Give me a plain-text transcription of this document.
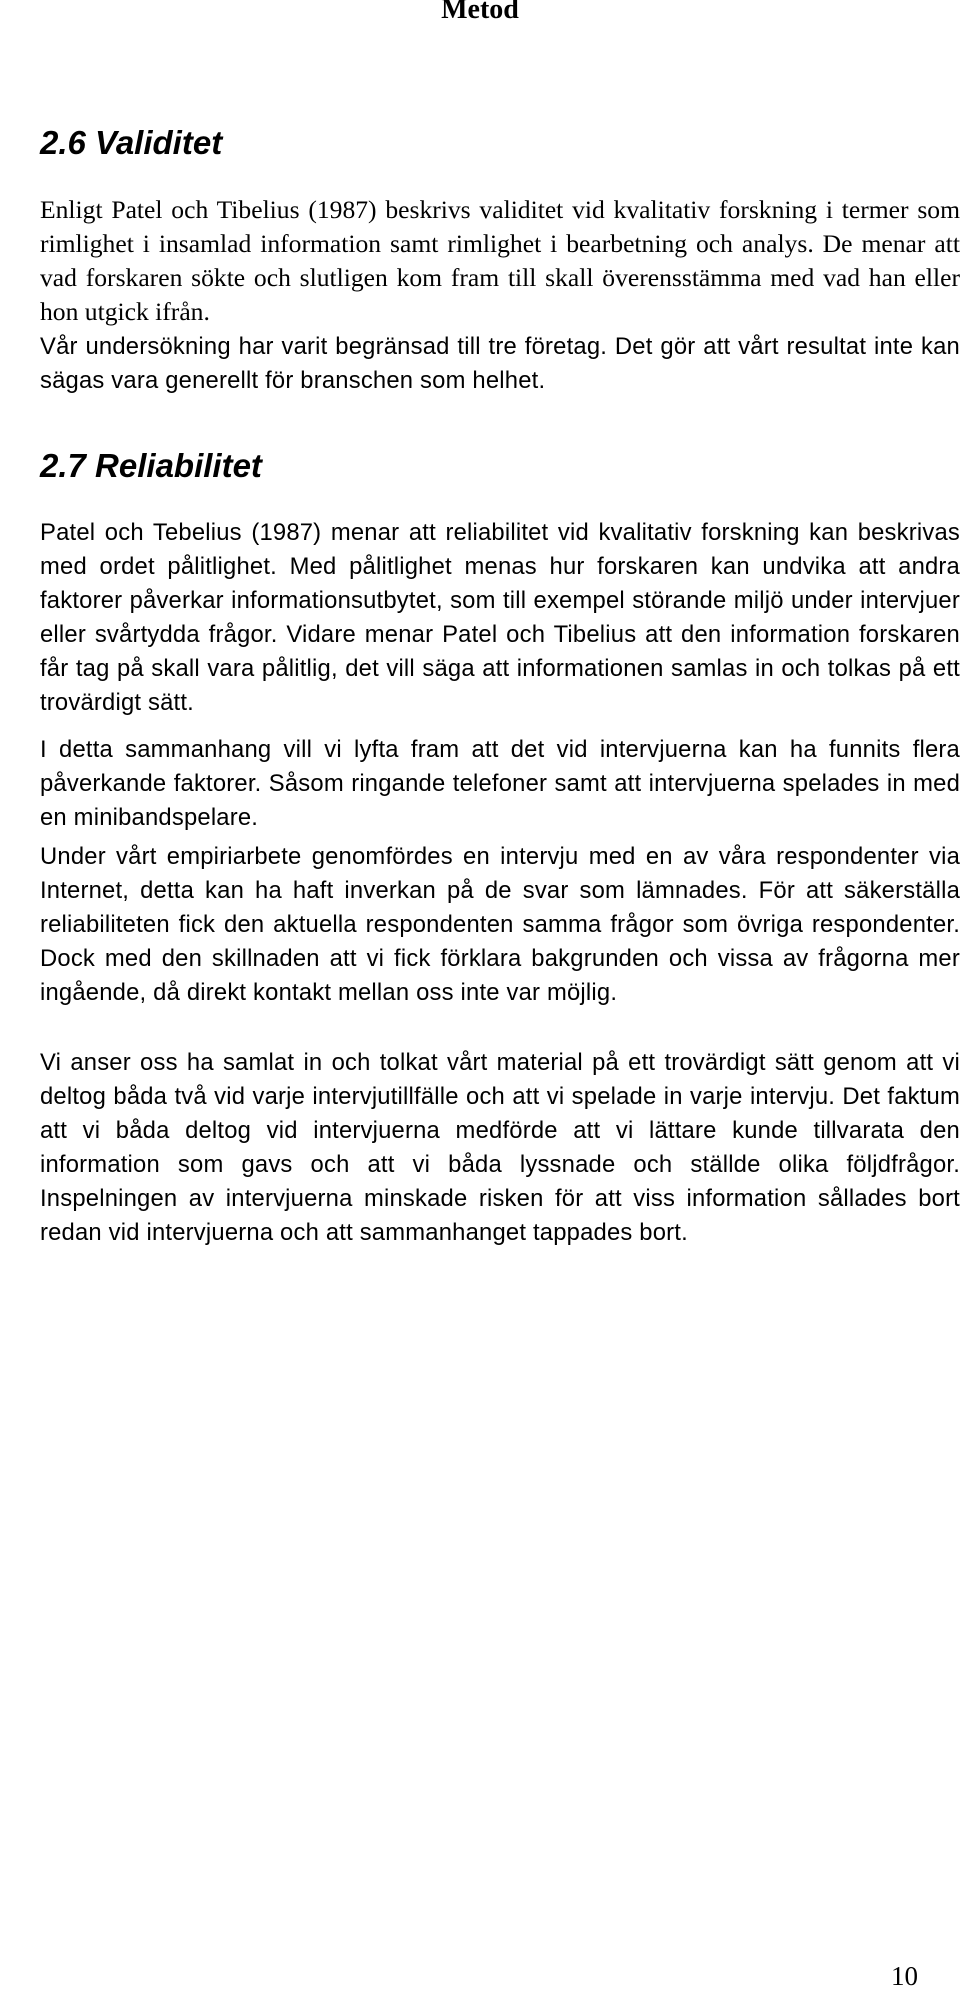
Metod
2.6 Validitet

Enligt Patel och Tibelius (1987) beskrivs validitet vid kvalitativ forskning i termer som rimlighet i insamlad information samt rimlighet i bearbetning och analys. De menar att vad forskaren sökte och slutligen kom fram till skall överensstämma med vad han eller hon utgick ifrån.

Vår undersökning har varit begränsad till tre företag. Det gör att vårt resultat inte kan sägas vara generellt för branschen som helhet.

2.7 Reliabilitet

Patel och Tebelius (1987) menar att reliabilitet vid kvalitativ forskning kan beskrivas med ordet pålitlighet. Med pålitlighet menas hur forskaren kan undvika att andra faktorer påverkar informationsutbytet, som till exempel störande miljö under intervjuer eller svårtydda frågor. Vidare menar Patel och Tibelius att den information forskaren får tag på skall vara pålitlig, det vill säga att informationen samlas in och tolkas på ett trovärdigt sätt.

I detta sammanhang vill vi lyfta fram att det vid intervjuerna kan ha funnits flera påverkande faktorer. Såsom ringande telefoner samt att intervjuerna spelades in med en minibandspelare.

Under vårt empiriarbete genomfördes en intervju med en av våra respondenter via Internet, detta kan ha haft inverkan på de svar som lämnades. För att säkerställa reliabiliteten fick den aktuella respondenten samma frågor som övriga respondenter. Dock med den skillnaden att vi fick förklara bakgrunden och vissa av frågorna mer ingående, då direkt kontakt mellan oss inte var möjlig.

Vi anser oss ha samlat in och tolkat vårt material på ett trovärdigt sätt genom att vi deltog båda två vid varje intervjutillfälle och att vi spelade in varje intervju. Det faktum att vi båda deltog vid intervjuerna medförde att vi lättare kunde tillvarata den information som gavs och att vi båda lyssnade och ställde olika följdfrågor. Inspelningen av intervjuerna minskade risken för att viss information sållades bort redan vid intervjuerna och att sammanhanget tappades bort.

10
